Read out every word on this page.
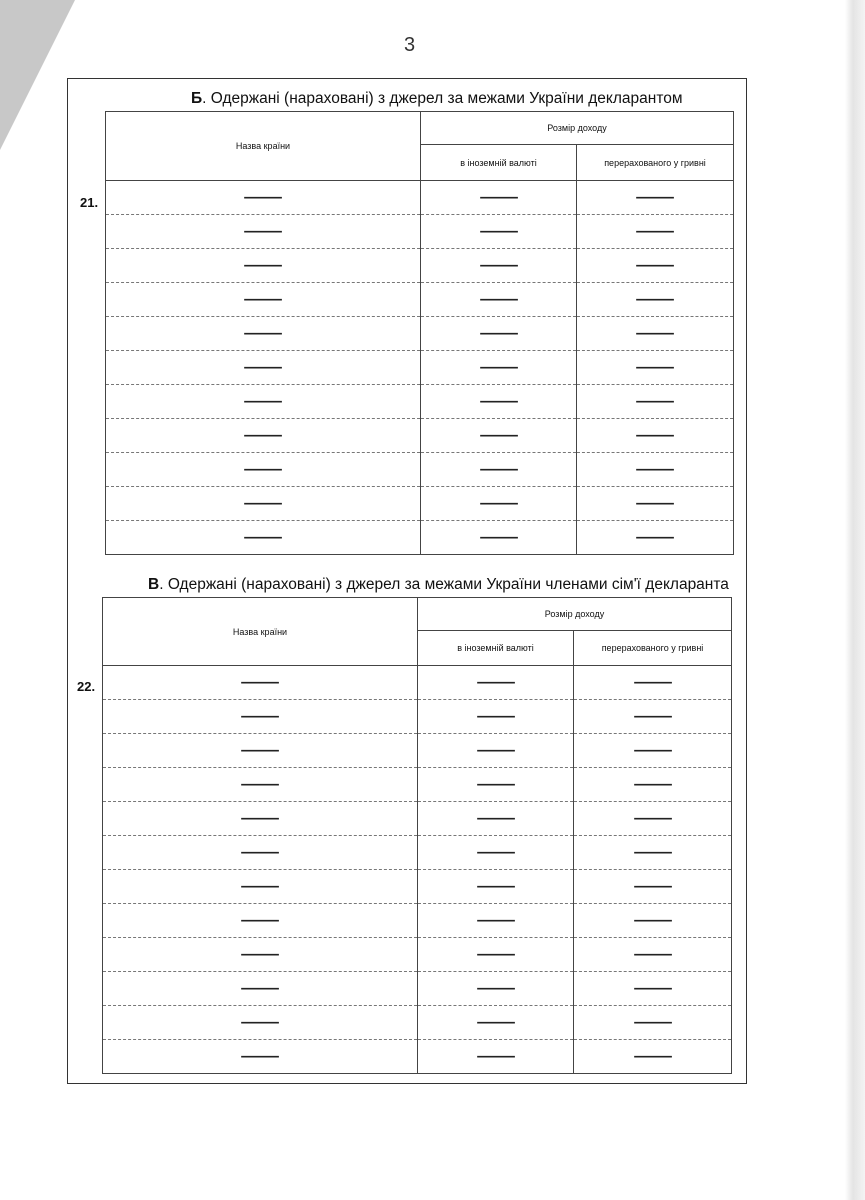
3
Б. Одержані (нараховані) з джерел за межами України декларантом
21.
Назва країни	Розмір доходу	
	в іноземній валюті	перерахованого у гривні
—	—	—
—	—	—
—	—	—
—	—	—
—	—	—
—	—	—
—	—	—
—	—	—
—	—	—
—	—	—
—	—	—
В. Одержані (нараховані) з джерел за межами України членами сім'ї декларанта
22.
Назва країни	Розмір доходу	
	в іноземній валюті	перерахованого у гривні
—	—	—
—	—	—
—	—	—
—	—	—
—	—	—
—	—	—
—	—	—
—	—	—
—	—	—
—	—	—
—	—	—
—	—	—
